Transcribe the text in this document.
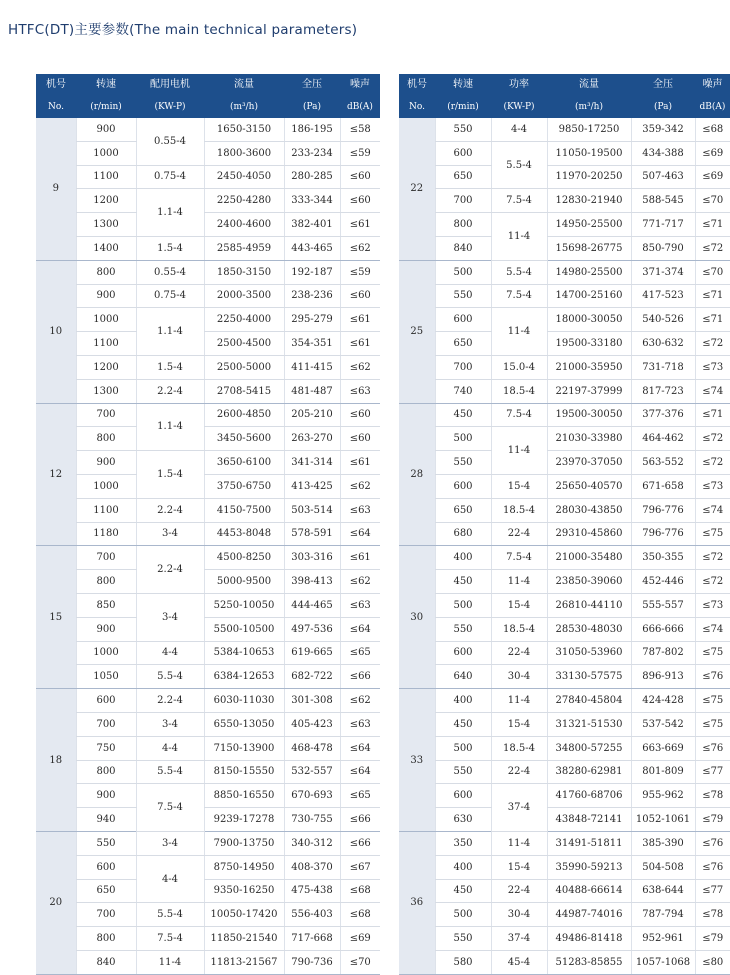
HTFC(DT)主要参数(The main technical parameters)
机号	转速	配用电机	流量	全压	噪声
No.	(r/min)	(KW-P)	(m³/h)	(Pa)	dB(A)
9	900	0.55-4	1650-3150	186-195	≤58
	1000		1800-3600	233-234	≤59
	1100	0.75-4	2450-4050	280-285	≤60
	1200	1.1-4	2250-4280	333-344	≤60
	1300		2400-4600	382-401	≤61
	1400	1.5-4	2585-4959	443-465	≤62
10	800	0.55-4	1850-3150	192-187	≤59
	900	0.75-4	2000-3500	238-236	≤60
	1000	1.1-4	2250-4000	295-279	≤61
	1100		2500-4500	354-351	≤61
	1200	1.5-4	2500-5000	411-415	≤62
	1300	2.2-4	2708-5415	481-487	≤63
12	700	1.1-4	2600-4850	205-210	≤60
	800		3450-5600	263-270	≤60
	900	1.5-4	3650-6100	341-314	≤61
	1000		3750-6750	413-425	≤62
	1100	2.2-4	4150-7500	503-514	≤63
	1180	3-4	4453-8048	578-591	≤64
15	700	2.2-4	4500-8250	303-316	≤61
	800		5000-9500	398-413	≤62
	850	3-4	5250-10050	444-465	≤63
	900		5500-10500	497-536	≤64
	1000	4-4	5384-10653	619-665	≤65
	1050	5.5-4	6384-12653	682-722	≤66
18	600	2.2-4	6030-11030	301-308	≤62
	700	3-4	6550-13050	405-423	≤63
	750	4-4	7150-13900	468-478	≤64
	800	5.5-4	8150-15550	532-557	≤64
	900	7.5-4	8850-16550	670-693	≤65
	940		9239-17278	730-755	≤66
20	550	3-4	7900-13750	340-312	≤66
	600	4-4	8750-14950	408-370	≤67
	650		9350-16250	475-438	≤68
	700	5.5-4	10050-17420	556-403	≤68
	800	7.5-4	11850-21540	717-668	≤69
	840	11-4	11813-21567	790-736	≤70
机号	转速	功率	流量	全压	噪声
No.	(r/min)	(KW-P)	(m³/h)	(Pa)	dB(A)
22	550	4-4	9850-17250	359-342	≤68
	600	5.5-4	11050-19500	434-388	≤69
	650		11970-20250	507-463	≤69
	700	7.5-4	12830-21940	588-545	≤70
	800	11-4	14950-25500	771-717	≤71
	840		15698-26775	850-790	≤72
25	500	5.5-4	14980-25500	371-374	≤70
	550	7.5-4	14700-25160	417-523	≤71
	600	11-4	18000-30050	540-526	≤71
	650		19500-33180	630-632	≤72
	700	15.0-4	21000-35950	731-718	≤73
	740	18.5-4	22197-37999	817-723	≤74
28	450	7.5-4	19500-30050	377-376	≤71
	500	11-4	21030-33980	464-462	≤72
	550		23970-37050	563-552	≤72
	600	15-4	25650-40570	671-658	≤73
	650	18.5-4	28030-43850	796-776	≤74
	680	22-4	29310-45860	796-776	≤75
30	400	7.5-4	21000-35480	350-355	≤72
	450	11-4	23850-39060	452-446	≤72
	500	15-4	26810-44110	555-557	≤73
	550	18.5-4	28530-48030	666-666	≤74
	600	22-4	31050-53960	787-802	≤75
	640	30-4	33130-57575	896-913	≤76
33	400	11-4	27840-45804	424-428	≤75
	450	15-4	31321-51530	537-542	≤75
	500	18.5-4	34800-57255	663-669	≤76
	550	22-4	38280-62981	801-809	≤77
	600	37-4	41760-68706	955-962	≤78
	630		43848-72141	1052-1061	≤79
36	350	11-4	31491-51811	385-390	≤76
	400	15-4	35990-59213	504-508	≤76
	450	22-4	40488-66614	638-644	≤77
	500	30-4	44987-74016	787-794	≤78
	550	37-4	49486-81418	952-961	≤79
	580	45-4	51283-85855	1057-1068	≤80
